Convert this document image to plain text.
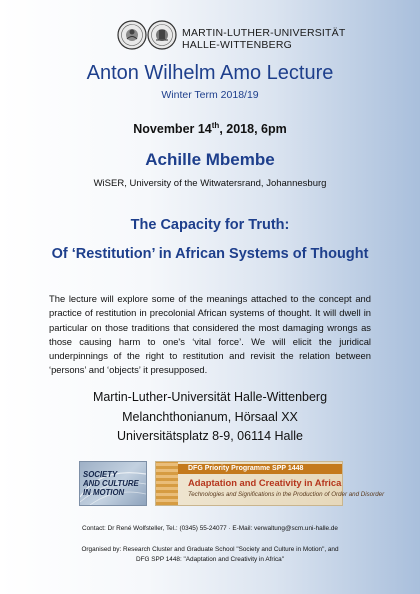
MARTIN-LUTHER-UNIVERSITÄT
HALLE-WITTENBERG
Anton Wilhelm Amo Lecture
Winter Term 2018/19
November 14th, 2018, 6pm
Achille Mbembe
WiSER, University of the Witwatersrand, Johannesburg
The Capacity for Truth:
Of ‘Restitution’ in African Systems of Thought
The lecture will explore some of the meanings attached to the concept and practice of restitution in precolonial African systems of thought. It will dwell in particular on those traditions that considered the most damaging wrongs as those causing harm to one's ‘vital force’. We will elicit the juridical underpinnings of the right to restitution and revisit the relation between ‘persons’ and ‘objects’ it presupposed.
Martin-Luther-Universität Halle-Wittenberg
Melanchthonianum, Hörsaal XX
Universitätsplatz 8-9, 06114 Halle
SOCIETY
AND CULTURE
IN MOTION
DFG Priority Programme SPP 1448
Adaptation and Creativity in Africa
Technologies and Significations in the Production of Order and Disorder
Contact: Dr René Wolfsteller, Tel.: (0345) 55-24077 · E-Mail: verwaltung@scm.uni-halle.de
Organised by: Research Cluster and Graduate School "Society and Culture in Motion", and
DFG SPP 1448: "Adaptation and Creativity in Africa"
